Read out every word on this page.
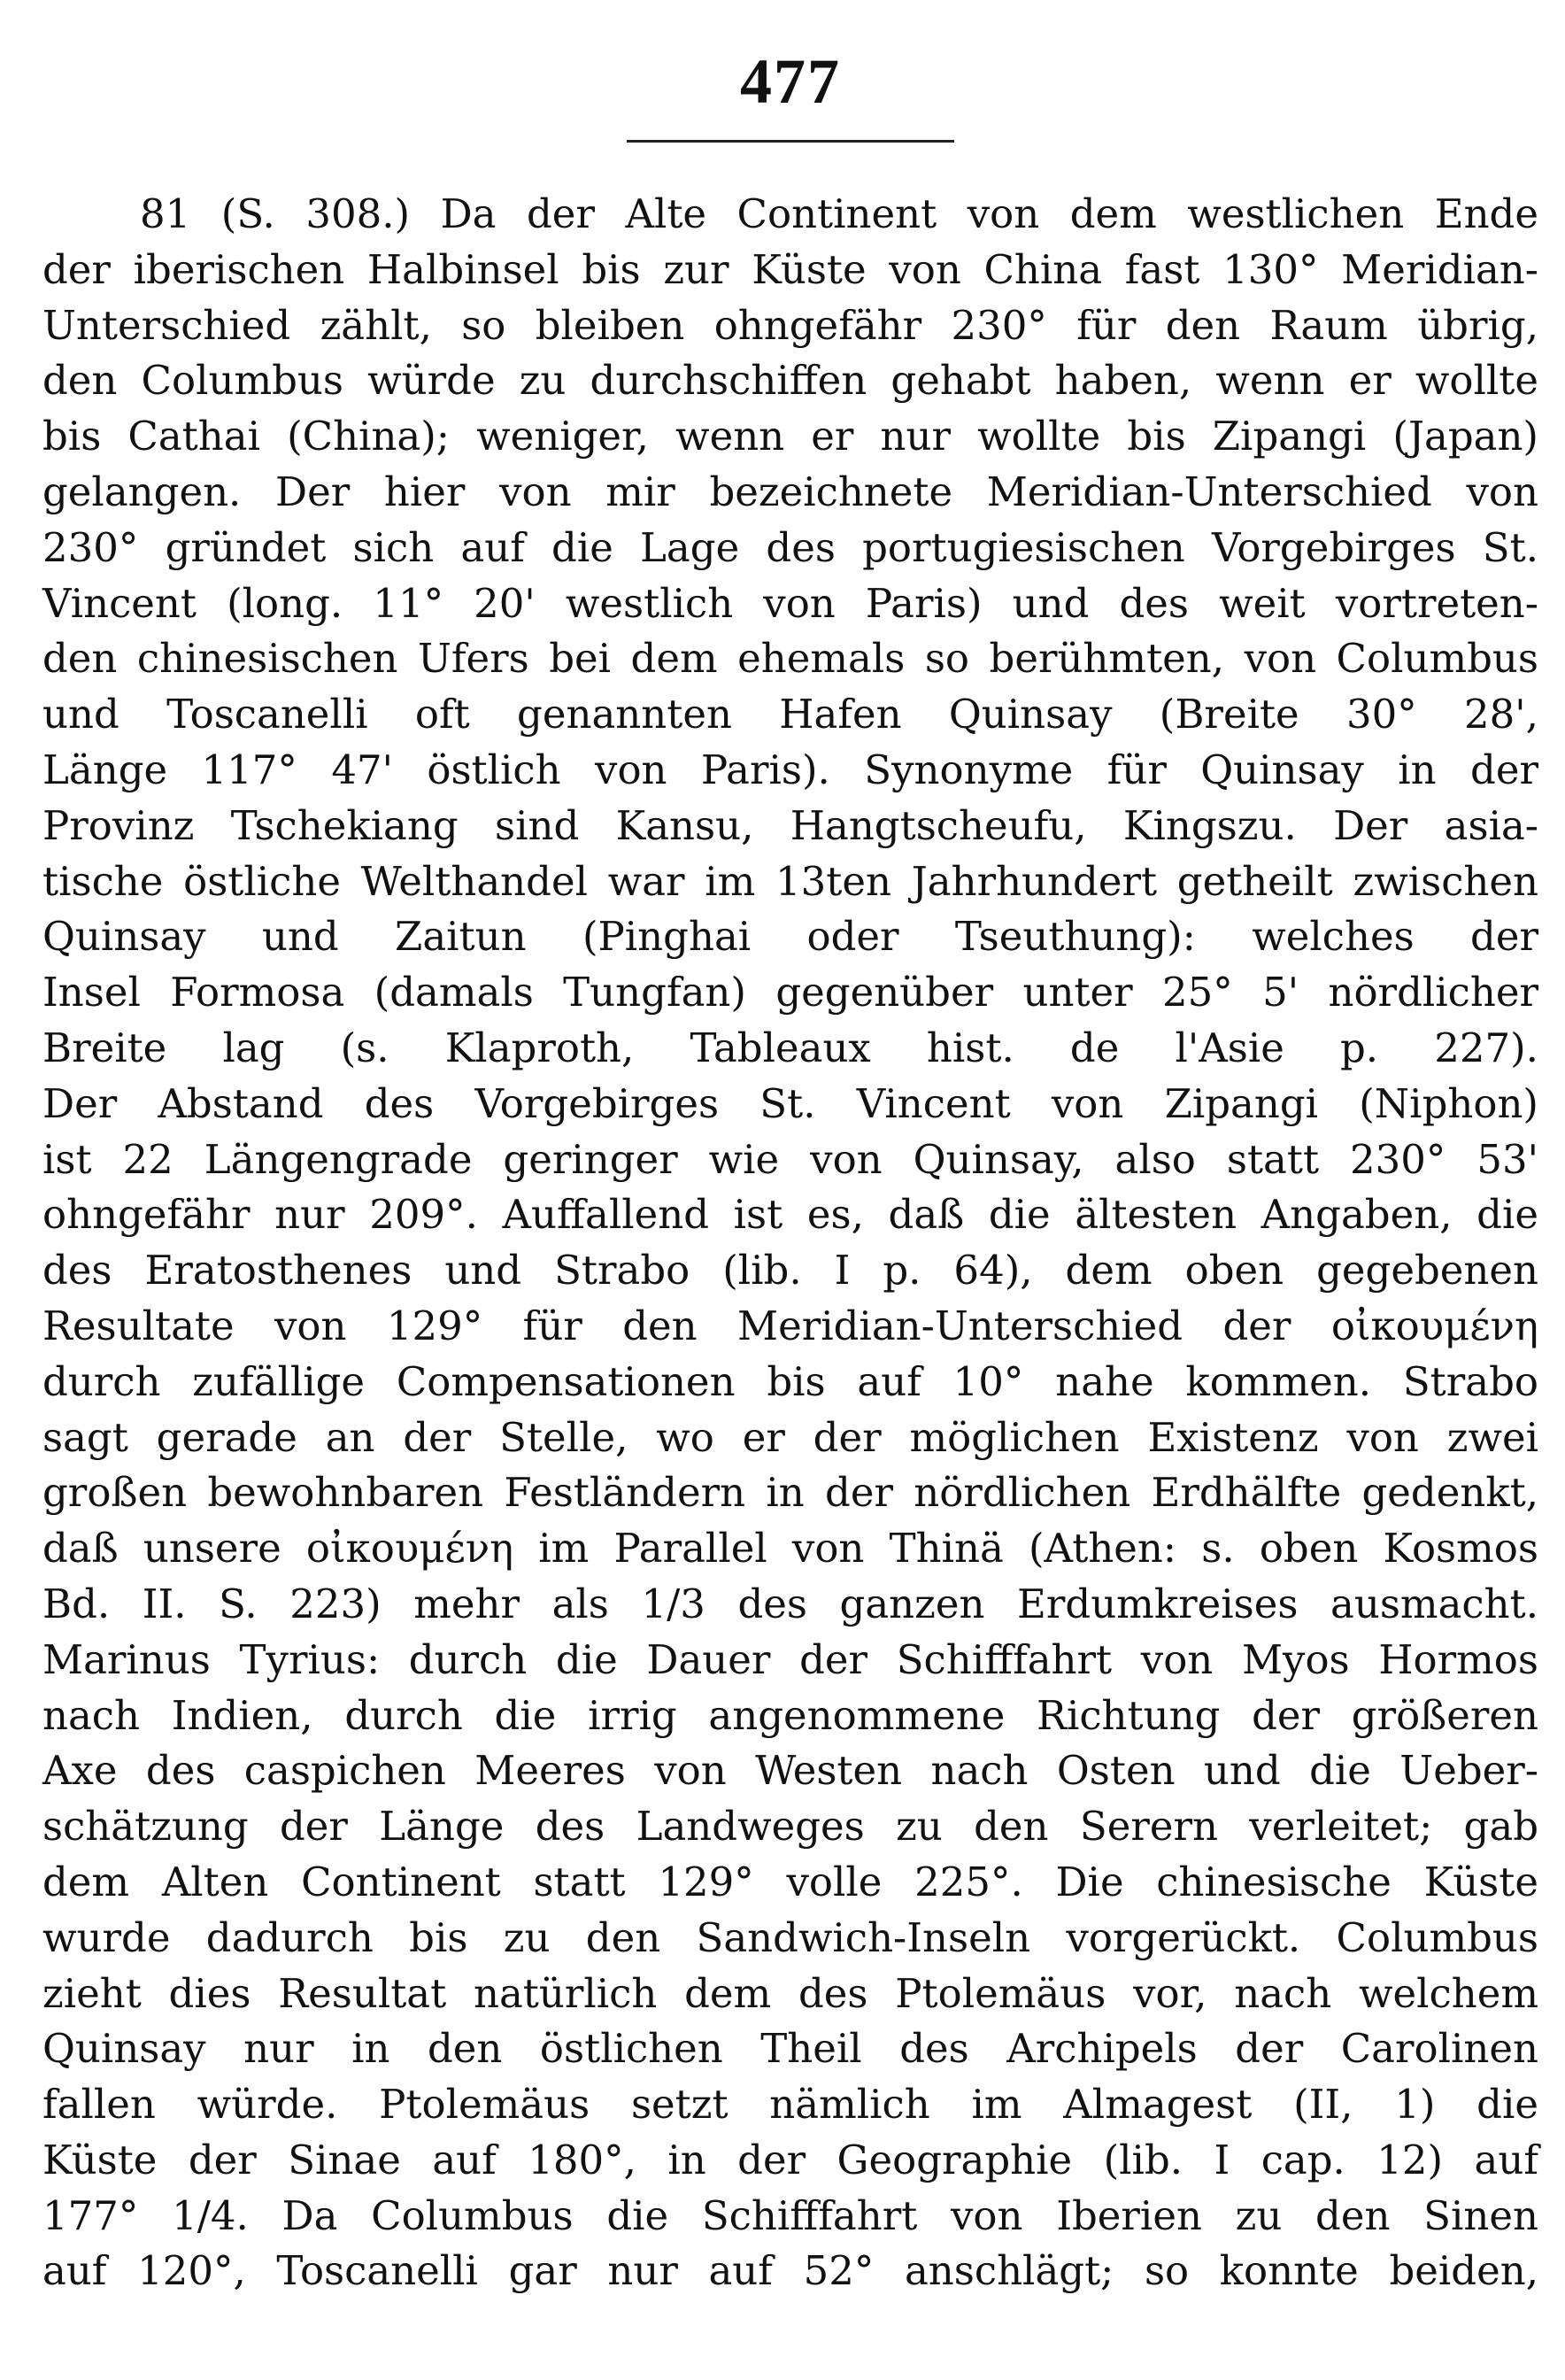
477
81 (S. 308.) Da der Alte Continent von dem westlichen Ende
der iberischen Halbinsel bis zur Küste von China fast 130° Meridian-
Unterschied zählt, so bleiben ohngefähr 230° für den Raum übrig,
den Columbus würde zu durchschiffen gehabt haben, wenn er wollte
bis Cathai (China); weniger, wenn er nur wollte bis Zipangi (Japan)
gelangen. Der hier von mir bezeichnete Meridian-Unterschied von
230° gründet sich auf die Lage des portugiesischen Vorgebirges St.
Vincent (long. 11° 20' westlich von Paris) und des weit vortreten-
den chinesischen Ufers bei dem ehemals so berühmten, von Columbus
und Toscanelli oft genannten Hafen Quinsay (Breite 30° 28',
Länge 117° 47' östlich von Paris). Synonyme für Quinsay in der
Provinz Tschekiang sind Kansu, Hangtscheufu, Kingszu. Der asia-
tische östliche Welthandel war im 13ten Jahrhundert getheilt zwischen
Quinsay und Zaitun (Pinghai oder Tseuthung): welches der
Insel Formosa (damals Tungfan) gegenüber unter 25° 5' nördlicher
Breite lag (s. Klaproth, Tableaux hist. de l'Asie p. 227).
Der Abstand des Vorgebirges St. Vincent von Zipangi (Niphon)
ist 22 Längengrade geringer wie von Quinsay, also statt 230° 53'
ohngefähr nur 209°. Auffallend ist es, daß die ältesten Angaben, die
des Eratosthenes und Strabo (lib. I p. 64), dem oben gegebenen
Resultate von 129° für den Meridian-Unterschied der οἰκουμένη
durch zufällige Compensationen bis auf 10° nahe kommen. Strabo
sagt gerade an der Stelle, wo er der möglichen Existenz von zwei
großen bewohnbaren Festländern in der nördlichen Erdhälfte gedenkt,
daß unsere οἰκουμένη im Parallel von Thinä (Athen: s. oben Kosmos
Bd. II. S. 223) mehr als 1/3 des ganzen Erdumkreises ausmacht.
Marinus Tyrius: durch die Dauer der Schifffahrt von Myos Hormos
nach Indien, durch die irrig angenommene Richtung der größeren
Axe des caspichen Meeres von Westen nach Osten und die Ueber-
schätzung der Länge des Landweges zu den Serern verleitet; gab
dem Alten Continent statt 129° volle 225°. Die chinesische Küste
wurde dadurch bis zu den Sandwich-Inseln vorgerückt. Columbus
zieht dies Resultat natürlich dem des Ptolemäus vor, nach welchem
Quinsay nur in den östlichen Theil des Archipels der Carolinen
fallen würde. Ptolemäus setzt nämlich im Almagest (II, 1) die
Küste der Sinae auf 180°, in der Geographie (lib. I cap. 12) auf
177° 1/4. Da Columbus die Schifffahrt von Iberien zu den Sinen
auf 120°, Toscanelli gar nur auf 52° anschlägt; so konnte beiden,
